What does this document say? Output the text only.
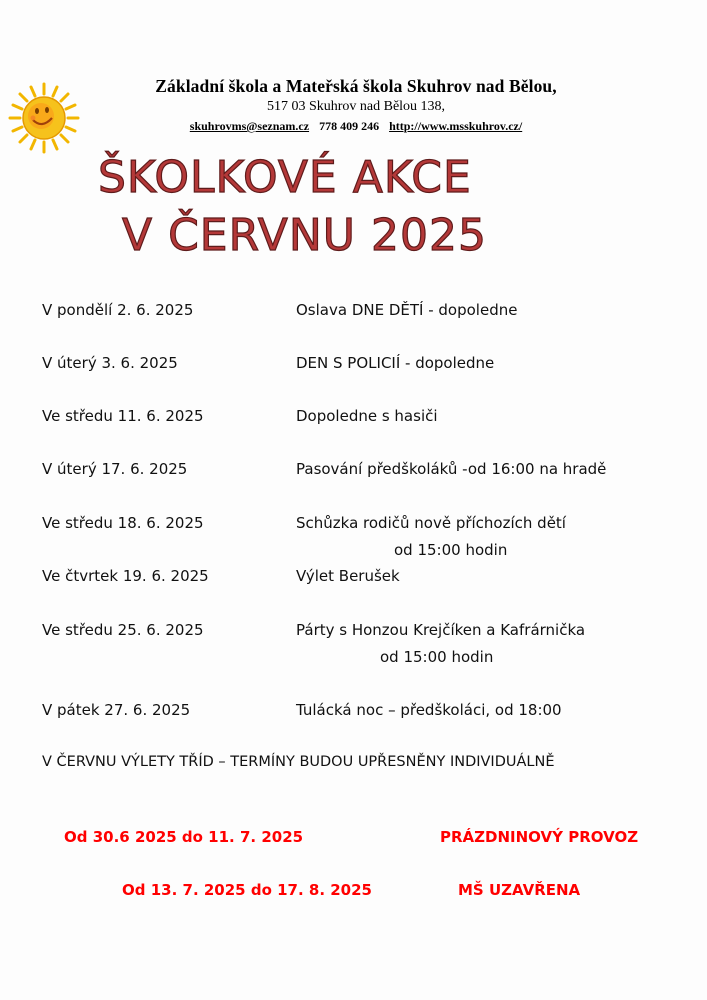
Základní škola a Mateřská škola Skuhrov nad Bělou,
517 03 Skuhrov nad Bělou 138,
skuhrovms@seznam.cz 778 409 246 http://www.msskuhrov.cz/
ŠKOLKOVÉ AKCE
V ČERVNU 2025
V pondělí 2. 6. 2025	Oslava DNE DĚTÍ - dopoledne
V úterý 3. 6. 2025	DEN S POLICIÍ - dopoledne
Ve středu 11. 6. 2025	Dopoledne s hasiči
V úterý 17. 6. 2025	Pasování předškoláků -od 16:00 na hradě
Ve středu 18. 6. 2025	Schůzka rodičů nově příchozích dětí
od 15:00 hodin
Ve čtvrtek 19. 6. 2025	Výlet Berušek
Ve středu 25. 6. 2025	Párty s Honzou Krejčíken a Kafrárnička
od 15:00 hodin
V pátek 27. 6. 2025	Tulácká noc – předškoláci, od 18:00
V ČERVNU VÝLETY TŘÍD – TERMÍNY BUDOU UPŘESNĚNY INDIVIDUÁLNĚ
Od 30.6 2025 do 11. 7. 2025	PRÁZDNINOVÝ PROVOZ
Od 13. 7. 2025 do 17. 8. 2025	MŠ UZAVŘENA
